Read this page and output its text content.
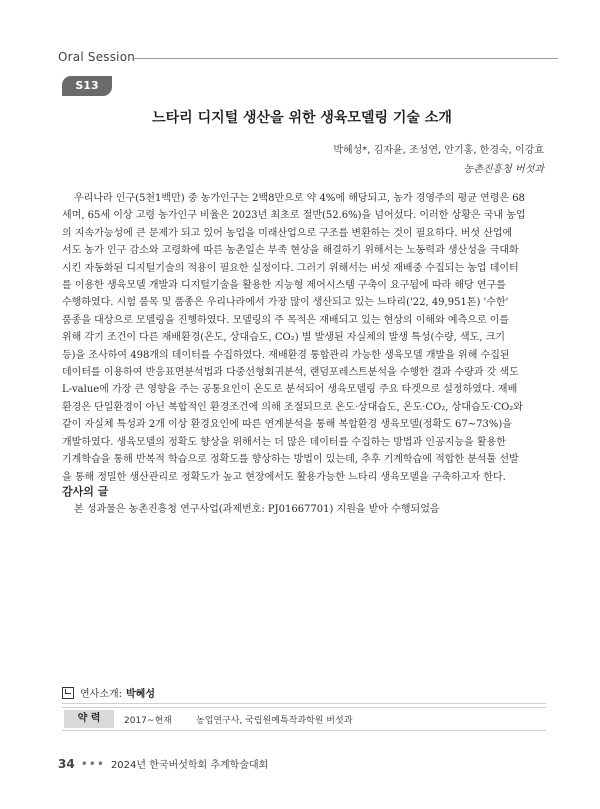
Oral Session
S13
느타리 디지털 생산을 위한 생육모델링 기술 소개
박혜성*, 김자윤, 조성연, 안기홍, 한경숙, 이강효
농촌진흥청 버섯과

우리나라 인구(5천1백만) 중 농가인구는 2백8만으로 약 4%에 해당되고, 농가 경영주의 평균 연령은 68
세며, 65세 이상 고령 농가인구 비율은 2023년 최초로 절반(52.6%)을 넘어섰다. 이러한 상황은 국내 농업
의 지속가능성에 큰 문제가 되고 있어 농업을 미래산업으로 구조를 변환하는 것이 필요하다. 버섯 산업에
서도 농가 인구 감소와 고령화에 따른 농촌일손 부족 현상을 해결하기 위해서는 노동력과 생산성을 극대화
시킨 자동화된 디지털기술의 적용이 필요한 실정이다. 그러기 위해서는 버섯 재배중 수집되는 농업 데이터
를 이용한 생육모델 개발과 디지털기술을 활용한 지능형 제어시스템 구축이 요구됨에 따라 해당 연구를
수행하였다. 시험 품목 및 품종은 우리나라에서 가장 많이 생산되고 있는 느타리('22, 49,951톤) '수한'
품종을 대상으로 모델링을 진행하였다. 모델링의 주 목적은 재배되고 있는 현상의 이해와 예측으로 이를
위해 각기 조건이 다른 재배환경(온도, 상대습도, CO₂) 별 발생된 자실체의 발생 특성(수량, 색도, 크기
등)을 조사하여 498개의 데이터를 수집하였다. 재배환경 통합관리 가능한 생육모델 개발을 위해 수집된
데이터를 이용하여 반응표면분석법과 다중선형회귀분석, 랜덤포레스트분석을 수행한 결과 수량과 갓 색도
L-value에 가장 큰 영향을 주는 공통요인이 온도로 분석되어 생육모델링 주요 타겟으로 설정하였다. 재배
환경은 단일환경이 아닌 복합적인 환경조건에 의해 조절되므로 온도·상대습도, 온도·CO₂, 상대습도·CO₂와
같이 자실체 특성과 2개 이상 환경요인에 따른 연계분석을 통해 복합환경 생육모델(정확도 67∼73%)을
개발하였다. 생육모델의 정확도 향상을 위해서는 더 많은 데이터를 수집하는 방법과 인공지능을 활용한
기계학습을 통해 반복적 학습으로 정확도를 향상하는 방법이 있는데, 추후 기계학습에 적합한 분석툴 선발
을 통해 정밀한 생산관리로 정확도가 높고 현장에서도 활용가능한 느타리 생육모델을 구축하고자 한다.

감사의 글
본 성과물은 농촌진흥청 연구사업(과제번호: PJ01667701) 지원을 받아 수행되었음
연사소개: 박혜성
약 력	2017~현재	농업연구사, 국립원예특작과학원 버섯과
34 ••• 2024년 한국버섯학회 추계학술대회
